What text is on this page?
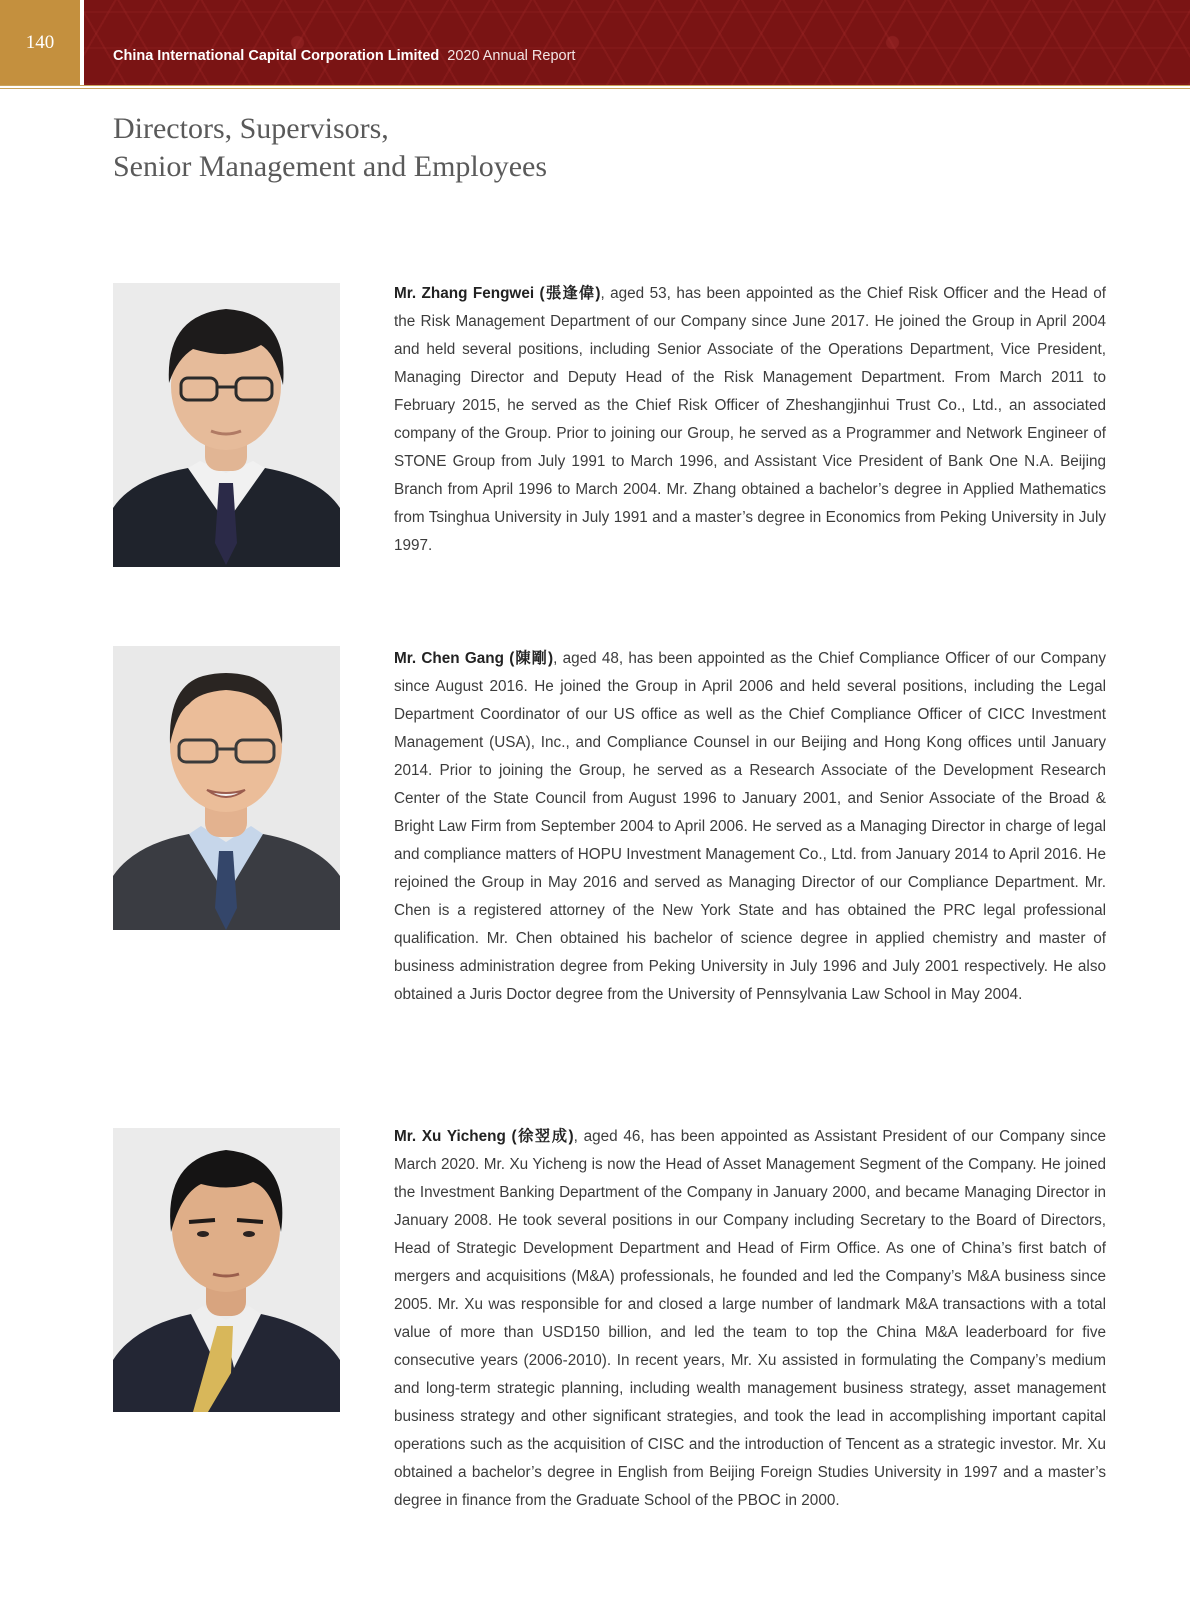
140
China International Capital Corporation Limited 2020 Annual Report
Directors, Supervisors,
Senior Management and Employees

Mr. Zhang Fengwei (張逢偉), aged 53, has been appointed as the Chief Risk Officer and the Head of the Risk Management Department of our Company since June 2017. He joined the Group in April 2004 and held several positions, including Senior Associate of the Operations Department, Vice President, Managing Director and Deputy Head of the Risk Management Department. From March 2011 to February 2015, he served as the Chief Risk Officer of Zheshangjinhui Trust Co., Ltd., an associated company of the Group. Prior to joining our Group, he served as a Programmer and Network Engineer of STONE Group from July 1991 to March 1996, and Assistant Vice President of Bank One N.A. Beijing Branch from April 1996 to March 2004. Mr. Zhang obtained a bachelor’s degree in Applied Mathematics from Tsinghua University in July 1991 and a master’s degree in Economics from Peking University in July 1997.

Mr. Chen Gang (陳剛), aged 48, has been appointed as the Chief Compliance Officer of our Company since August 2016. He joined the Group in April 2006 and held several positions, including the Legal Department Coordinator of our US office as well as the Chief Compliance Officer of CICC Investment Management (USA), Inc., and Compliance Counsel in our Beijing and Hong Kong offices until January 2014. Prior to joining the Group, he served as a Research Associate of the Development Research Center of the State Council from August 1996 to January 2001, and Senior Associate of the Broad & Bright Law Firm from September 2004 to April 2006. He served as a Managing Director in charge of legal and compliance matters of HOPU Investment Management Co., Ltd. from January 2014 to April 2016. He rejoined the Group in May 2016 and served as Managing Director of our Compliance Department. Mr. Chen is a registered attorney of the New York State and has obtained the PRC legal professional qualification. Mr. Chen obtained his bachelor of science degree in applied chemistry and master of business administration degree from Peking University in July 1996 and July 2001 respectively. He also obtained a Juris Doctor degree from the University of Pennsylvania Law School in May 2004.

Mr. Xu Yicheng (徐翌成), aged 46, has been appointed as Assistant President of our Company since March 2020. Mr. Xu Yicheng is now the Head of Asset Management Segment of the Company. He joined the Investment Banking Department of the Company in January 2000, and became Managing Director in January 2008. He took several positions in our Company including Secretary to the Board of Directors, Head of Strategic Development Department and Head of Firm Office. As one of China’s first batch of mergers and acquisitions (M&A) professionals, he founded and led the Company’s M&A business since 2005. Mr. Xu was responsible for and closed a large number of landmark M&A transactions with a total value of more than USD150 billion, and led the team to top the China M&A leaderboard for five consecutive years (2006-2010). In recent years, Mr. Xu assisted in formulating the Company’s medium and long-term strategic planning, including wealth management business strategy, asset management business strategy and other significant strategies, and took the lead in accomplishing important capital operations such as the acquisition of CISC and the introduction of Tencent as a strategic investor. Mr. Xu obtained a bachelor’s degree in English from Beijing Foreign Studies University in 1997 and a master’s degree in finance from the Graduate School of the PBOC in 2000.
